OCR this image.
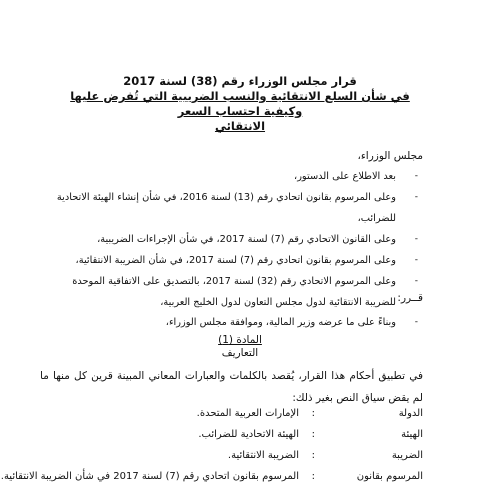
قرار مجلس الوزراء رقم (38) لسنة 2017
في شأن السلع الانتقائية والنسب الضريبية التي تُفرض عليها وكيفية احتساب السعر
الانتقائي
مجلس الوزراء،
-
بعد الاطلاع على الدستور،
-
وعلى المرسوم بقانون اتحادي رقم (13) لسنة 2016، في شأن إنشاء الهيئة الاتحادية للضرائب،
-
وعلى القانون الاتحادي رقم (7) لسنة 2017، في شأن الإجراءات الضريبية،
-
وعلى المرسوم بقانون اتحادي رقم (7) لسنة 2017، في شأن الضريبة الانتقائية،
-
وعلى المرسوم الاتحادي رقم (32) لسنة 2017، بالتصديق على الاتفاقية الموحدة للضريبة الانتقائية لدول مجلس التعاون لدول الخليج العربية،
-
وبناءً على ما عرضه وزير المالية، وموافقة مجلس الوزراء،
قــرر:
المادة (1)
التعاريف
في تطبيق أحكام هذا القرار، يُقصد بالكلمات والعبارات المعاني المبينة قرين كل منها ما لم يقض سياق النص بغير ذلك:
الدولة
:
الإمارات العربية المتحدة.
الهيئة
:
الهيئة الاتحادية للضرائب.
الضريبة
:
الضريبة الانتقائية.
المرسوم بقانون
:
المرسوم بقانون اتحادي رقم (7) لسنة 2017 في شأن الضريبة الانتقائية.
